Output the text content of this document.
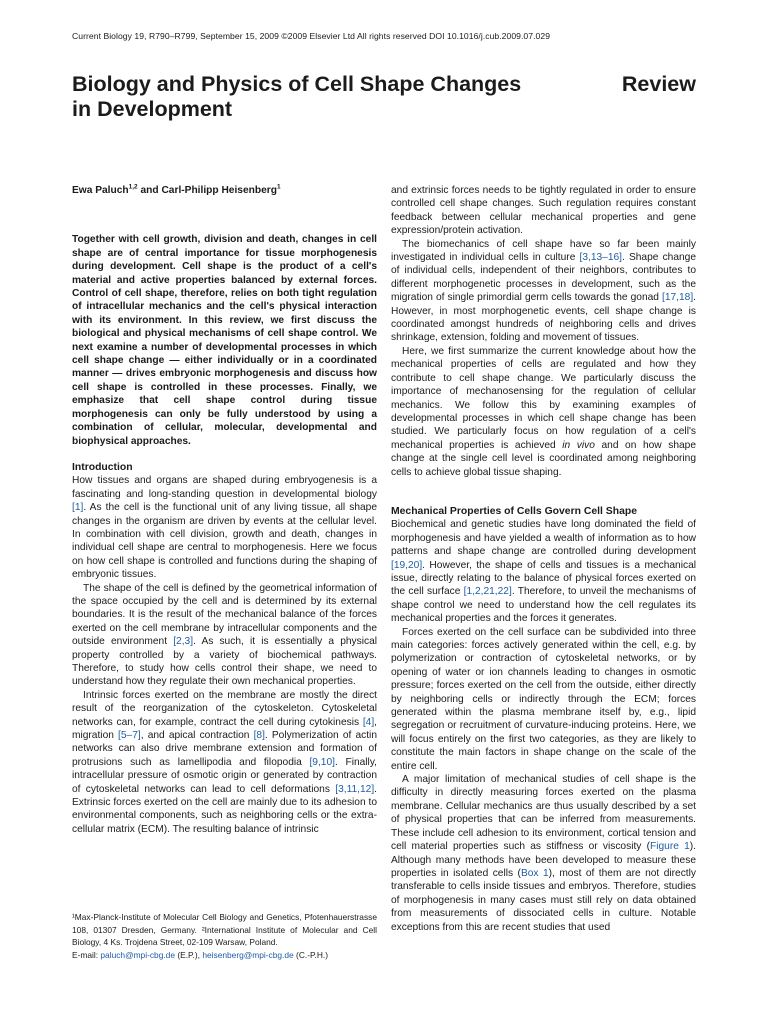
Current Biology 19, R790–R799, September 15, 2009 ©2009 Elsevier Ltd All rights reserved DOI 10.1016/j.cub.2009.07.029
Biology and Physics of Cell Shape Changes
in Development
Review

Ewa Paluch$^{1,2}$ and Carl-Philipp Heisenberg$^1$

Together with cell growth, division and death, changes in cell shape are of central importance for tissue morphogenesis during development. Cell shape is the product of a cell's material and active properties balanced by external forces. Control of cell shape, therefore, relies on both tight regulation of intracellular mechanics and the cell's physical interaction with its environment. In this review, we first discuss the biological and physical mechanisms of cell shape control. We next examine a number of developmental processes in which cell shape change — either individually or in a coordinated manner — drives embryonic morphogenesis and discuss how cell shape is controlled in these processes. Finally, we emphasize that cell shape control during tissue morphogenesis can only be fully understood by using a combination of cellular, molecular, developmental and biophysical approaches.

Introduction

How tissues and organs are shaped during embryogenesis is a fascinating and long-standing question in developmental biology [1]. As the cell is the functional unit of any living tissue, all shape changes in the organism are driven by events at the cellular level. In combination with cell division, growth and death, changes in individual cell shape are central to morphogenesis. Here we focus on how cell shape is controlled and functions during the shaping of embryonic tissues.

The shape of the cell is defined by the geometrical information of the space occupied by the cell and is determined by its external boundaries. It is the result of the mechanical balance of the forces exerted on the cell membrane by intracellular components and the outside environment [2,3]. As such, it is essentially a physical property controlled by a variety of biochemical pathways. Therefore, to study how cells control their shape, we need to understand how they regulate their own mechanical properties.

Intrinsic forces exerted on the membrane are mostly the direct result of the reorganization of the cytoskeleton. Cytoskeletal networks can, for example, contract the cell during cytokinesis [4], migration [5–7], and apical contraction [8]. Polymerization of actin networks can also drive membrane extension and formation of protrusions such as lamellipodia and filopodia [9,10]. Finally, intracellular pressure of osmotic origin or generated by contraction of cytoskeletal networks can lead to cell deformations [3,11,12]. Extrinsic forces exerted on the cell are mainly due to its adhesion to environmental components, such as neighboring cells or the extra-cellular matrix (ECM). The resulting balance of intrinsic

¹Max-Planck-Institute of Molecular Cell Biology and Genetics, Pfotenhauerstrasse 108, 01307 Dresden, Germany. ²International Institute of Molecular and Cell Biology, 4 Ks. Trojdena Street, 02-109 Warsaw, Poland.

E-mail: paluch@mpi-cbg.de (E.P.), heisenberg@mpi-cbg.de (C.-P.H.)

and extrinsic forces needs to be tightly regulated in order to ensure controlled cell shape changes. Such regulation requires constant feedback between cellular mechanical properties and gene expression/protein activation.

The biomechanics of cell shape have so far been mainly investigated in individual cells in culture [3,13–16]. Shape change of individual cells, independent of their neighbors, contributes to different morphogenetic processes in development, such as the migration of single primordial germ cells towards the gonad [17,18]. However, in most morphogenetic events, cell shape change is coordinated amongst hundreds of neighboring cells and drives shrinkage, extension, folding and movement of tissues.

Here, we first summarize the current knowledge about how the mechanical properties of cells are regulated and how they contribute to cell shape change. We particularly discuss the importance of mechanosensing for the regulation of cellular mechanics. We follow this by examining examples of developmental processes in which cell shape change has been studied. We particularly focus on how regulation of a cell's mechanical properties is achieved in vivo and on how shape change at the single cell level is coordinated among neighboring cells to achieve global tissue shaping.

Mechanical Properties of Cells Govern Cell Shape

Biochemical and genetic studies have long dominated the field of morphogenesis and have yielded a wealth of information as to how patterns and shape change are controlled during development [19,20]. However, the shape of cells and tissues is a mechanical issue, directly relating to the balance of physical forces exerted on the cell surface [1,2,21,22]. Therefore, to unveil the mechanisms of shape control we need to understand how the cell regulates its mechanical properties and the forces it generates.

Forces exerted on the cell surface can be subdivided into three main categories: forces actively generated within the cell, e.g. by polymerization or contraction of cytoskeletal networks, or by opening of water or ion channels leading to changes in osmotic pressure; forces exerted on the cell from the outside, either directly by neighboring cells or indirectly through the ECM; forces generated within the plasma membrane itself by, e.g., lipid segregation or recruitment of curvature-inducing proteins. Here, we will focus entirely on the first two categories, as they are likely to constitute the main factors in shape change on the scale of the entire cell.

A major limitation of mechanical studies of cell shape is the difficulty in directly measuring forces exerted on the plasma membrane. Cellular mechanics are thus usually described by a set of physical properties that can be inferred from measurements. These include cell adhesion to its environment, cortical tension and cell material properties such as stiffness or viscosity (Figure 1). Although many methods have been developed to measure these properties in isolated cells (Box 1), most of them are not directly transferable to cells inside tissues and embryos. Therefore, studies of morphogenesis in many cases must still rely on data obtained from measurements of dissociated cells in culture. Notable exceptions from this are recent studies that used
